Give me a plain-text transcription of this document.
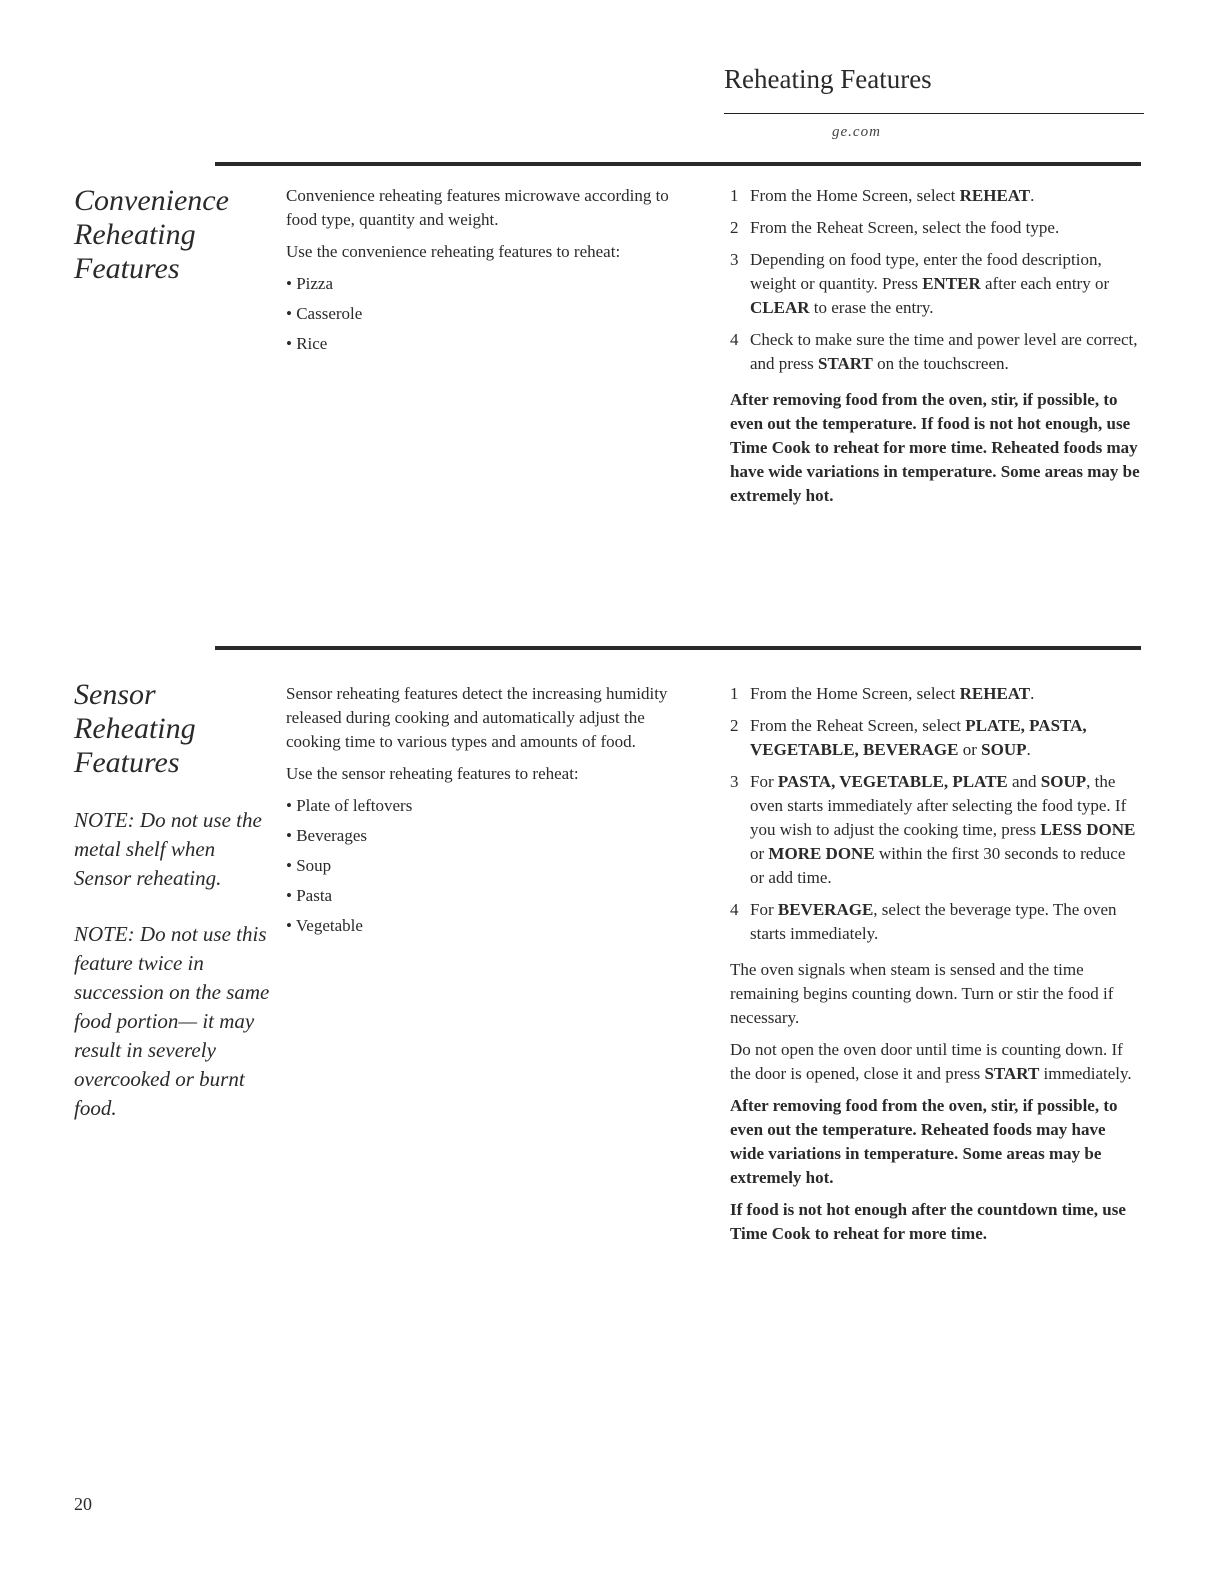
Reheating Features
ge.com
Convenience
Reheating
Features

Convenience reheating features microwave according to food type, quantity and weight.

Use the convenience reheating features to reheat:

• Pizza
• Casserole
• Rice
1 From the Home Screen, select REHEAT.
2 From the Reheat Screen, select the food type.
3 Depending on food type, enter the food description, weight or quantity. Press ENTER after each entry or CLEAR to erase the entry.
4 Check to make sure the time and power level are correct, and press START on the touchscreen.

After removing food from the oven, stir, if possible, to even out the temperature. If food is not hot enough, use Time Cook to reheat for more time. Reheated foods may have wide variations in temperature. Some areas may be extremely hot.

Sensor
Reheating
Features
NOTE: Do not use the metal shelf when Sensor reheating.
NOTE: Do not use this feature twice in succession on the same food portion— it may result in severely overcooked or burnt food.

Sensor reheating features detect the increasing humidity released during cooking and automatically adjust the cooking time to various types and amounts of food.

Use the sensor reheating features to reheat:

• Plate of leftovers
• Beverages
• Soup
• Pasta
• Vegetable
1 From the Home Screen, select REHEAT.
2 From the Reheat Screen, select PLATE, PASTA, VEGETABLE, BEVERAGE or SOUP.
3 For PASTA, VEGETABLE, PLATE and SOUP, the oven starts immediately after selecting the food type. If you wish to adjust the cooking time, press LESS DONE or MORE DONE within the first 30 seconds to reduce or add time.
4 For BEVERAGE, select the beverage type. The oven starts immediately.

The oven signals when steam is sensed and the time remaining begins counting down. Turn or stir the food if necessary.

Do not open the oven door until time is counting down. If the door is opened, close it and press START immediately.

After removing food from the oven, stir, if possible, to even out the temperature. Reheated foods may have wide variations in temperature. Some areas may be extremely hot.

If food is not hot enough after the countdown time, use Time Cook to reheat for more time.

20
